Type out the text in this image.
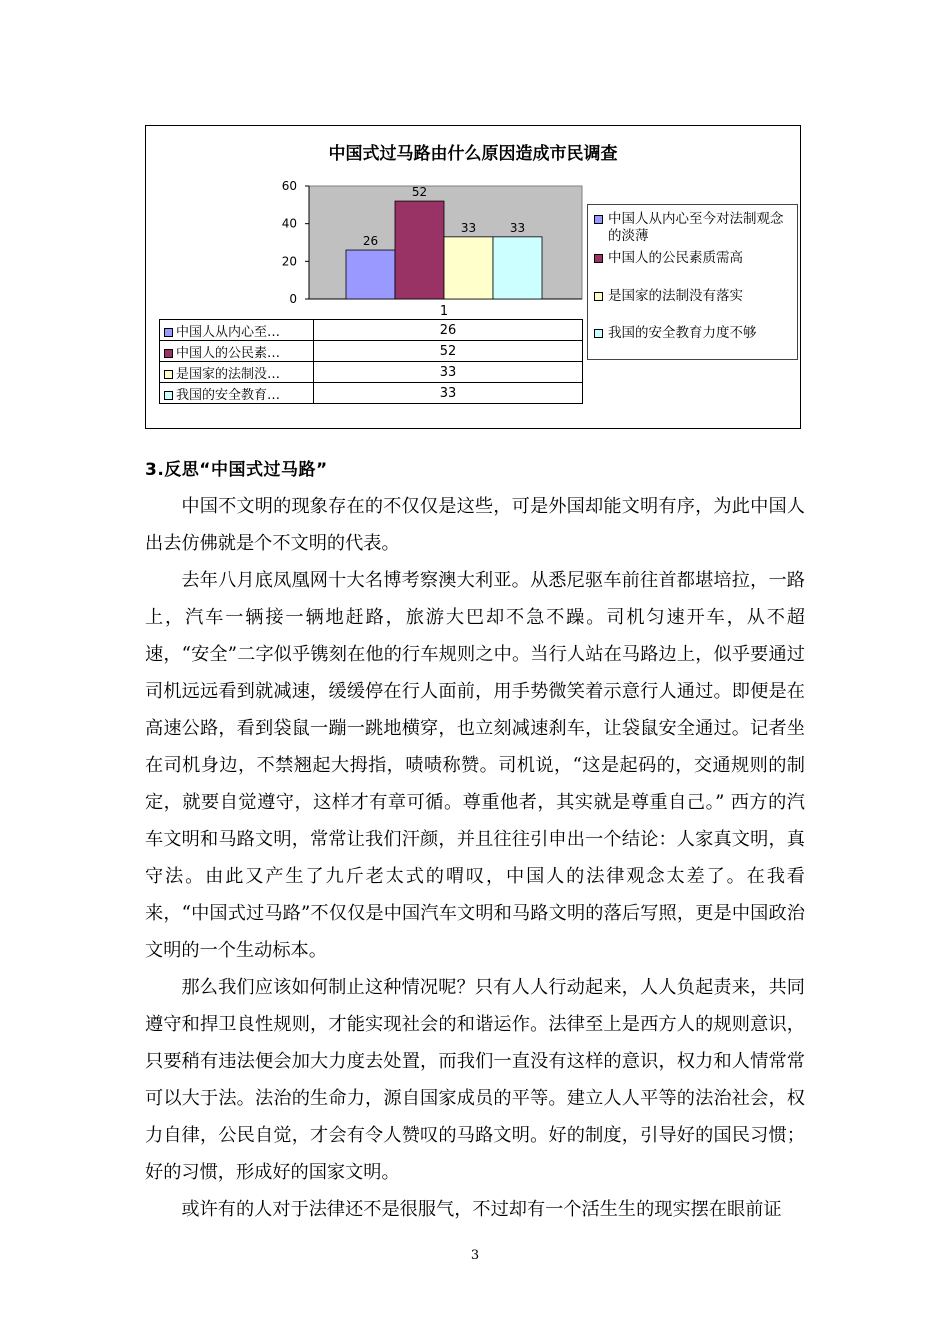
中国式过马路由什么原因造成市民调查
0
20
40
60
26
52
33	33
1
中国人从内心至今对法制观念的淡薄
中国人的公民素质需高
是国家的法制没有落实
我国的安全教育力度不够
中国人从内心至…	26
中国人的公民素…	52
是国家的法制没…	33
我国的安全教育…	33
3.反思“中国式过马路”

中国不文明的现象存在的不仅仅是这些，可是外国却能文明有序，为此中国人出去仿佛就是个不文明的代表。

去年八月底凤凰网十大名博考察澳大利亚。从悉尼驱车前往首都堪培拉，一路上，汽车一辆接一辆地赶路，旅游大巴却不急不躁。司机匀速开车，从不超速，“安全”二字似乎镌刻在他的行车规则之中。当行人站在马路边上，似乎要通过司机远远看到就减速，缓缓停在行人面前，用手势微笑着示意行人通过。即便是在高速公路，看到袋鼠一蹦一跳地横穿，也立刻减速刹车，让袋鼠安全通过。记者坐在司机身边，不禁翘起大拇指，啧啧称赞。司机说，“这是起码的，交通规则的制定，就要自觉遵守，这样才有章可循。尊重他者，其实就是尊重自己。” 西方的汽车文明和马路文明，常常让我们汗颜，并且往往引申出一个结论：人家真文明，真守法。由此又产生了九斤老太式的喟叹，中国人的法律观念太差了。在我看来，“中国式过马路”不仅仅是中国汽车文明和马路文明的落后写照，更是中国政治文明的一个生动标本。

那么我们应该如何制止这种情况呢？只有人人行动起来，人人负起责来，共同遵守和捍卫良性规则，才能实现社会的和谐运作。法律至上是西方人的规则意识，只要稍有违法便会加大力度去处置，而我们一直没有这样的意识，权力和人情常常可以大于法。法治的生命力，源自国家成员的平等。建立人人平等的法治社会，权力自律，公民自觉，才会有令人赞叹的马路文明。好的制度，引导好的国民习惯；好的习惯，形成好的国家文明。

或许有的人对于法律还不是很服气，不过却有一个活生生的现实摆在眼前证

3
